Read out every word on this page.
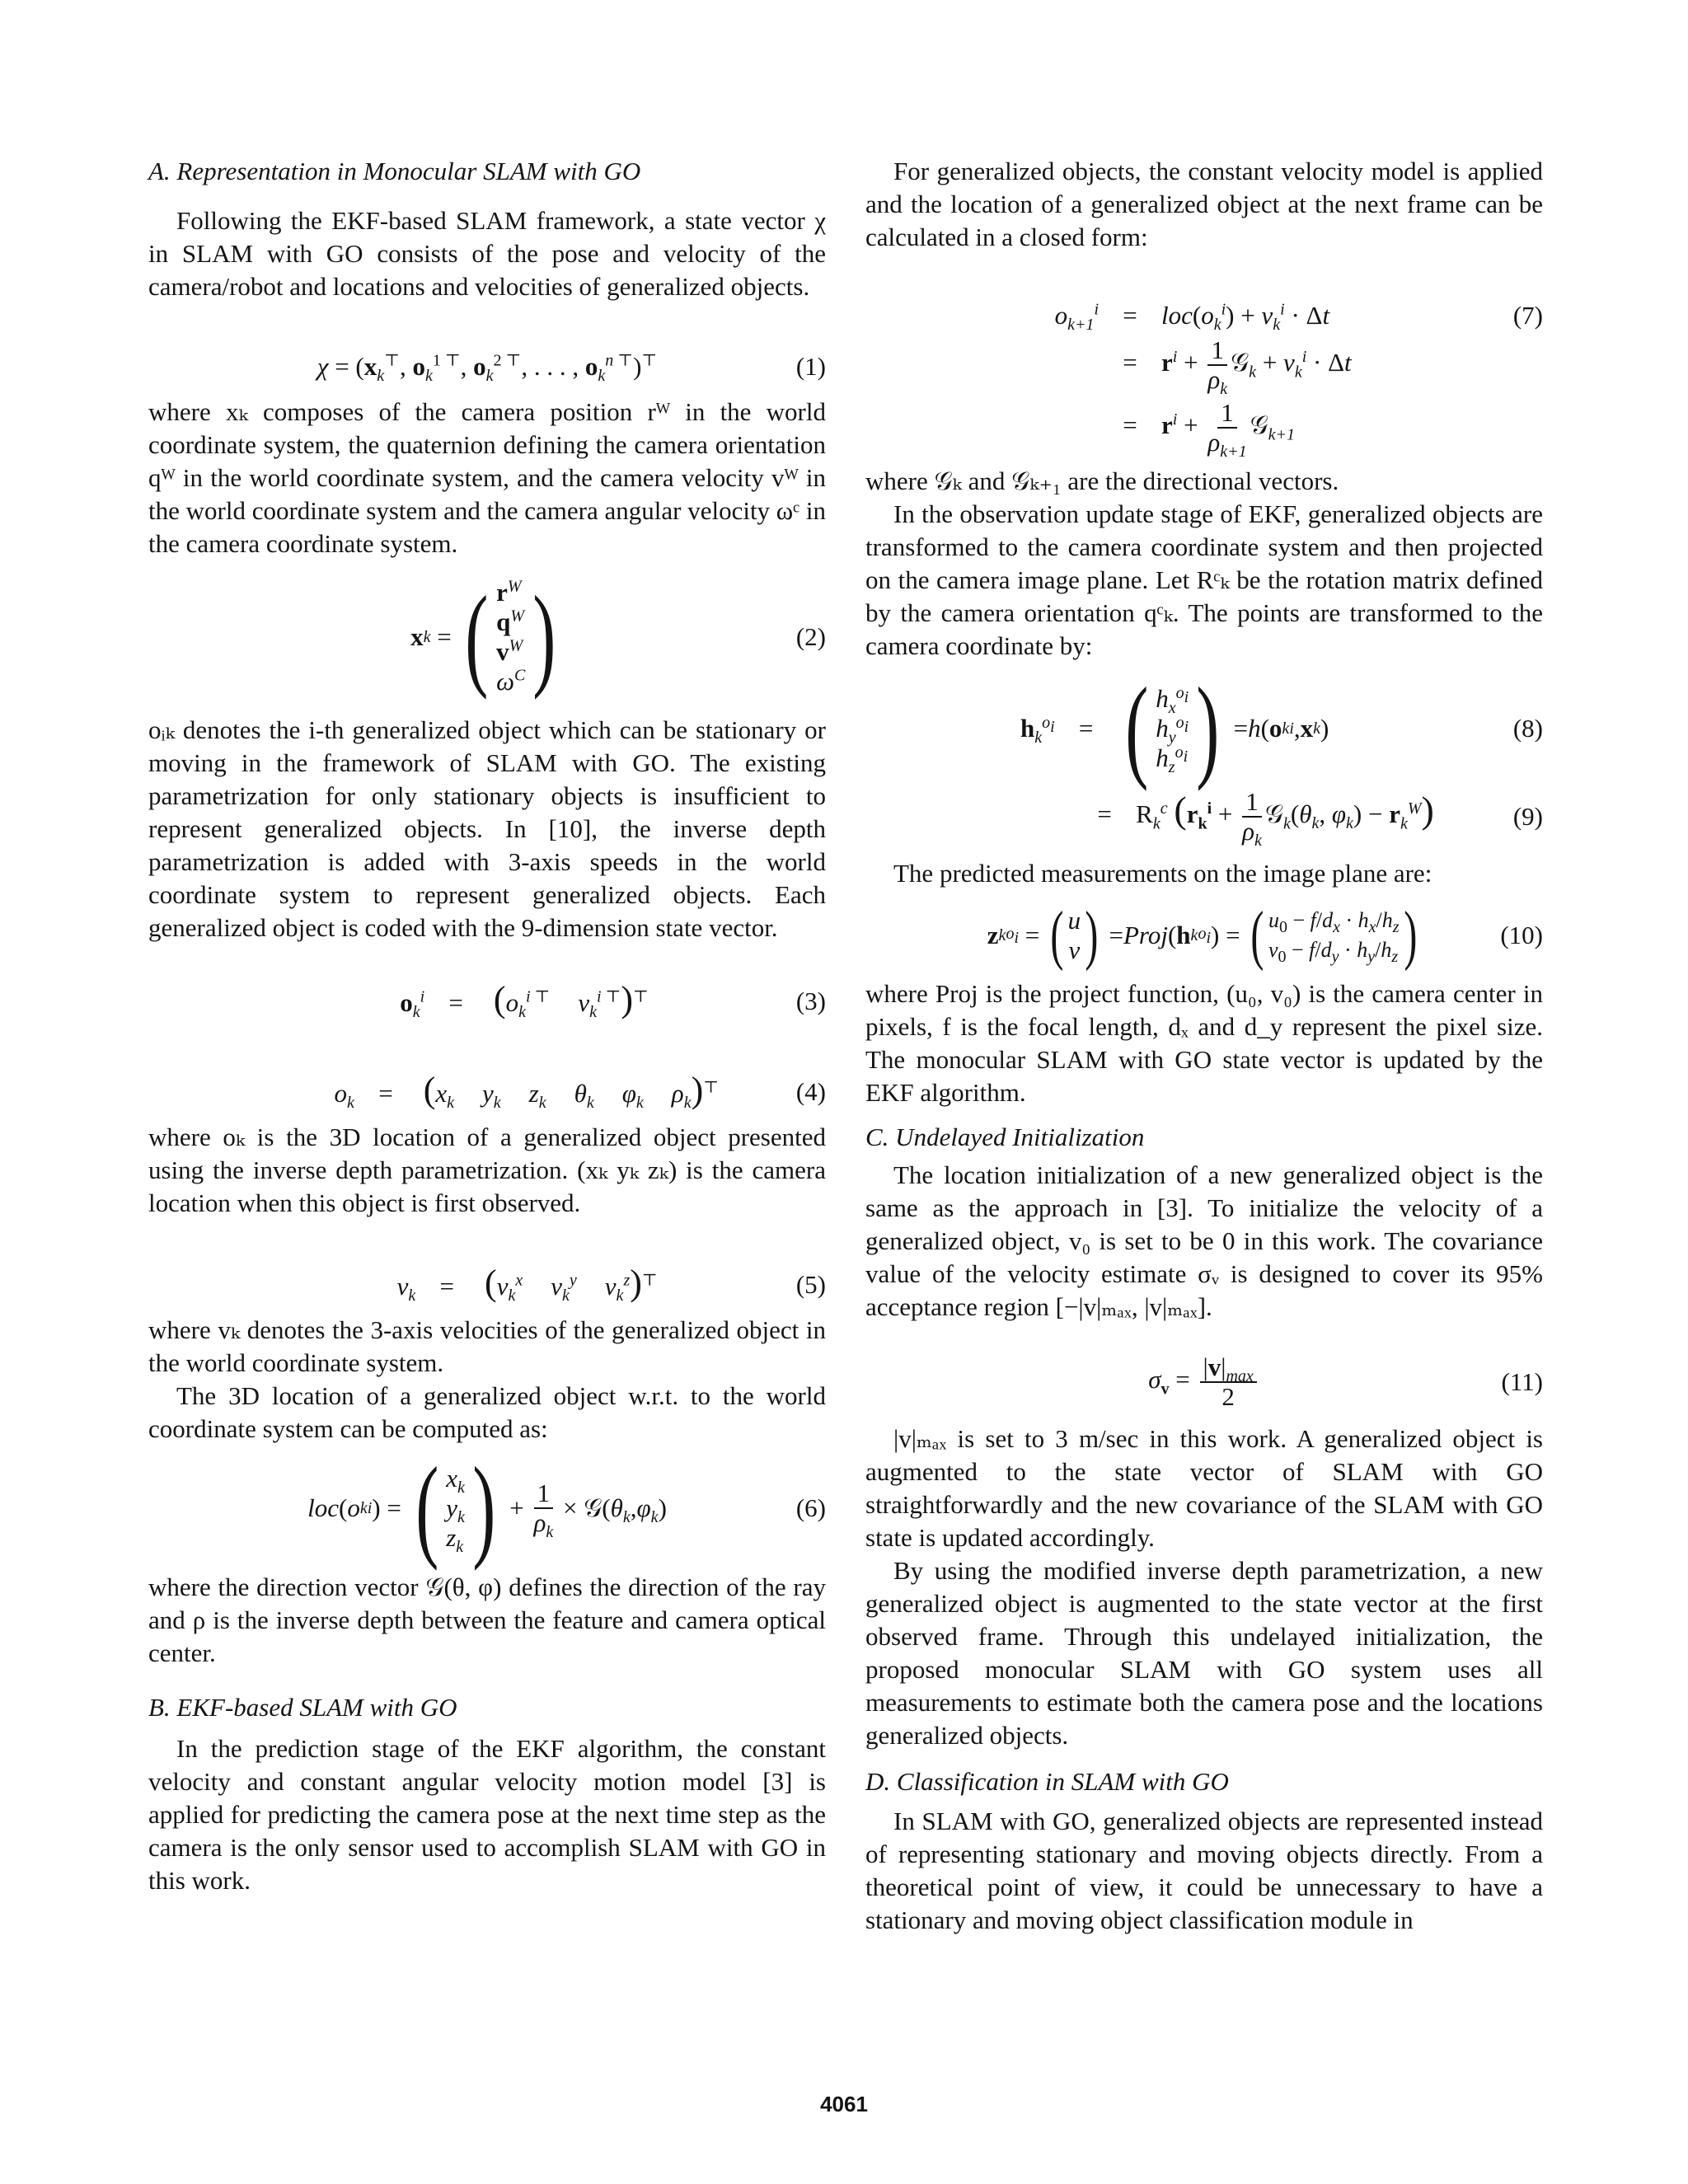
A. Representation in Monocular SLAM with GO

Following the EKF-based SLAM framework, a state vector χ in SLAM with GO consists of the pose and velocity of the camera/robot and locations and velocities of generalized objects.

$\chi = (x_k^⊤$, $o_k^{1 ⊤}$, $o_k^{2 ⊤}$, . . . , $o_k^{n ⊤})^⊤$	(1)

where xₖ composes of the camera position rᵂ in the world coordinate system, the quaternion defining the camera orientation qᵂ in the world coordinate system, and the camera velocity vᵂ in the world coordinate system and the camera angular velocity ωᶜ in the camera coordinate system.

x k = ( $r^W$
$q^W$
$v^W$
$\omega^C$ )	(2)

oᵢₖ denotes the i-th generalized object which can be stationary or moving in the framework of SLAM with GO. The existing parametrization for only stationary objects is insufficient to represent generalized objects. In [10], the inverse depth parametrization is added with 3-axis speeds in the world coordinate system to represent generalized objects. Each generalized object is coded with the 9-dimension state vector.

$o_k^i = (o_k^{i ⊤}$ $v_k^{i ⊤})^⊤$	(3)
$o_k = (x_k$ $y_k$ $z_k$ $\theta_k$ $\varphi_k$ $\rho_k)^⊤$	(4)

where oₖ is the 3D location of a generalized object presented using the inverse depth parametrization. (xₖ yₖ zₖ) is the camera location when this object is first observed.

$v_k = (v_k^x$ $v_k^y$ $v_k^z)^⊤$	(5)

where vₖ denotes the 3-axis velocities of the generalized object in the world coordinate system.

The 3D location of a generalized object w.r.t. to the world coordinate system can be computed as:

loc ( o k i ) = ( $x_k$
$y_k$
$z_k$ ) + $\frac{1}{\rho_k}$ × 𝒢( $\theta_k$ , $\varphi_k$ )	(6)

where the direction vector 𝒢(θ, φ) defines the direction of the ray and ρ is the inverse depth between the feature and camera optical center.

B. EKF-based SLAM with GO

In the prediction stage of the EKF algorithm, the constant velocity and constant angular velocity motion model [3] is applied for predicting the camera pose at the next time step as the camera is the only sensor used to accomplish SLAM with GO in this work.

For generalized objects, the constant velocity model is applied and the location of a generalized object at the next frame can be calculated in a closed form:

$o_{k+1}^i = loc(o_k^i) + v_k^i \cdot \Delta t$	(7)
= $r^i + \frac{1}{\rho_k}$ 𝒢$_k$ + $v_k^i \cdot \Delta t$
= $r^i + \frac{1}{\rho_{k+1}}$ 𝒢$_{k+1}$

where 𝒢ₖ and 𝒢ₖ₊₁ are the directional vectors.

In the observation update stage of EKF, generalized objects are transformed to the camera coordinate system and then projected on the camera image plane. Let Rᶜₖ be the rotation matrix defined by the camera orientation qᶜₖ. The points are transformed to the camera coordinate by:

$h_k^{o_i}$ = ( $h_x^{o_i}$
$h_y^{o_i}$
$h_z^{o_i}$ ) = h ( o k i , x k )	(8)
= $R_k^c$ ($r_k^i + \frac{1}{\rho_k}$ $𝒢_k(\theta_k$, $\varphi_k) - r_k^W$)	(9)

The predicted measurements on the image plane are:

z k $o_i$ = ( u
v ) = Proj ( h k $o_i$ ) = ( $u_0 - f/d_x \cdot h_x/h_z$
$v_0 - f/d_y \cdot h_y/h_z$ )	(10)

where Proj is the project function, (u₀, v₀) is the camera center in pixels, f is the focal length, dₓ and d_y represent the pixel size. The monocular SLAM with GO state vector is updated by the EKF algorithm.

C. Undelayed Initialization

The location initialization of a new generalized object is the same as the approach in [3]. To initialize the velocity of a generalized object, v₀ is set to be 0 in this work. The covariance value of the velocity estimate σᵥ is designed to cover its 95% acceptance region [−|v|ₘₐₓ, |v|ₘₐₓ].

$\sigma_v = \frac{|v|_{max}}{2}$	(11)

|v|ₘₐₓ is set to 3 m/sec in this work. A generalized object is augmented to the state vector of SLAM with GO straightforwardly and the new covariance of the SLAM with GO state is updated accordingly.

By using the modified inverse depth parametrization, a new generalized object is augmented to the state vector at the first observed frame. Through this undelayed initialization, the proposed monocular SLAM with GO system uses all measurements to estimate both the camera pose and the locations generalized objects.

D. Classification in SLAM with GO

In SLAM with GO, generalized objects are represented instead of representing stationary and moving objects directly. From a theoretical point of view, it could be unnecessary to have a stationary and moving object classification module in

4061
